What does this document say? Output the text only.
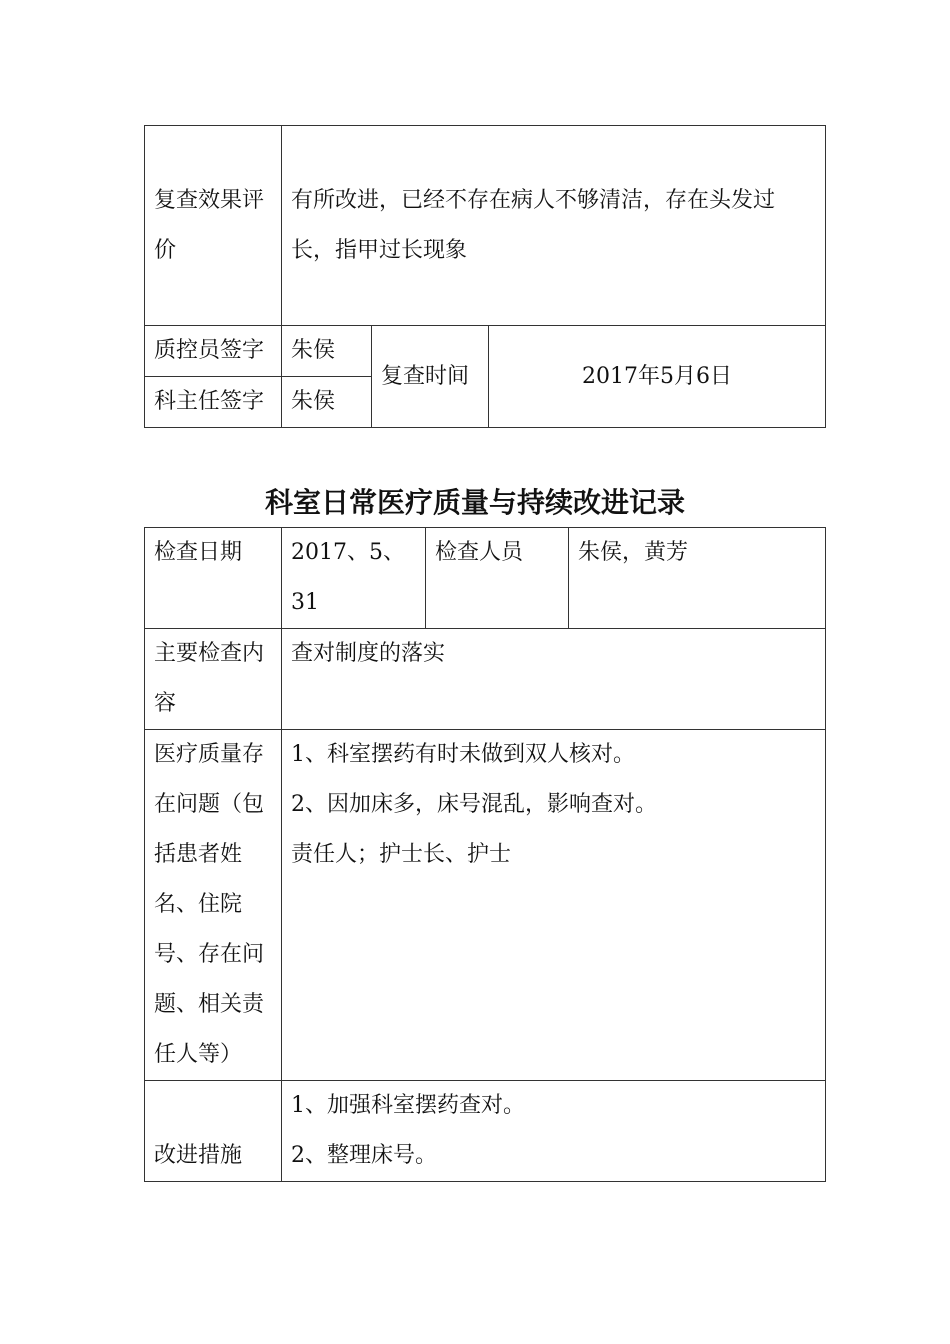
复查效果评价	有所改进，已经不存在病人不够清洁，存在头发过长，指甲过长现象		
质控员签字	朱侯	复查时间	2017年5月6日
科主任签字	朱侯		
科室日常医疗质量与持续改进记录
检查日期	2017、5、31	检查人员	朱侯，黄芳
主要检查内容	查对制度的落实		
医疗质量存在问题（包括患者姓名、住院号、存在问题、相关责任人等）	1、科室摆药有时未做到双人核对。
2、因加床多，床号混乱，影响查对。
责任人；护士长、护士		

改进措施	1、加强科室摆药查对。
2、整理床号。		
